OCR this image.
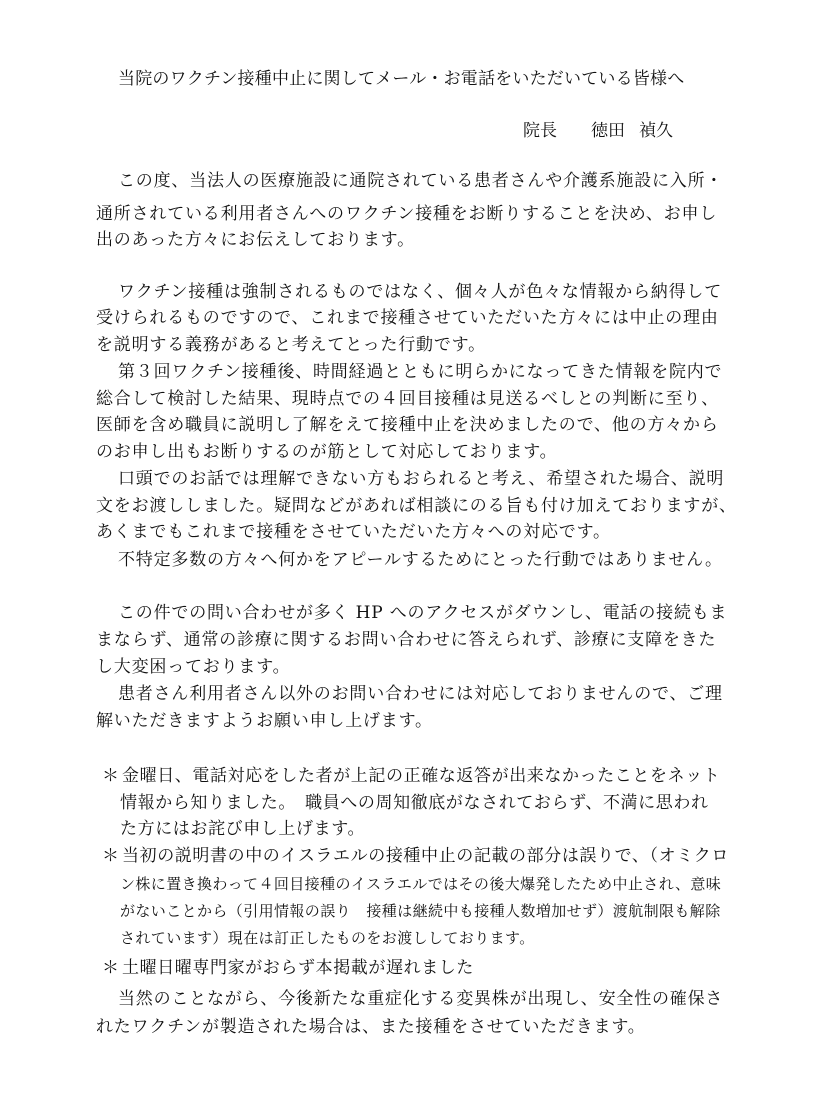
当院のワクチン接種中止に関してメール・お電話をいただいている皆様へ
院長 徳田 禎久
この度、当法人の医療施設に通院されている患者さんや介護系施設に入所・
通所されている利用者さんへのワクチン接種をお断りすることを決め、お申し
出のあった方々にお伝えしております。
ワクチン接種は強制されるものではなく、個々人が色々な情報から納得して
受けられるものですので、これまで接種させていただいた方々には中止の理由
を説明する義務があると考えてとった行動です。
第３回ワクチン接種後、時間経過とともに明らかになってきた情報を院内で
総合して検討した結果、現時点での４回目接種は見送るべしとの判断に至り、
医師を含め職員に説明し了解をえて接種中止を決めましたので、他の方々から
のお申し出もお断りするのが筋として対応しております。
口頭でのお話では理解できない方もおられると考え、希望された場合、説明
文をお渡ししました。疑問などがあれば相談にのる旨も付け加えておりますが、
あくまでもこれまで接種をさせていただいた方々への対応です。
不特定多数の方々へ何かをアピールするためにとった行動ではありません。
この件での問い合わせが多く HP へのアクセスがダウンし、電話の接続もま
まならず、通常の診療に関するお問い合わせに答えられず、診療に支障をきた
し大変困っております。
患者さん利用者さん以外のお問い合わせには対応しておりませんので、ご理
解いただきますようお願い申し上げます。
＊ 金曜日、電話対応をした者が上記の正確な返答が出来なかったことをネット
情報から知りました。　職員への周知徹底がなされておらず、不満に思われ
た方にはお詫び申し上げます。
＊ 当初の説明書の中のイスラエルの接種中止の記載の部分は誤りで、（オミクロ
ン株に置き換わって４回目接種のイスラエルではその後大爆発したため中止され、意味
がないことから（引用情報の誤り　接種は継続中も接種人数増加せず）渡航制限も解除
されています）現在は訂正したものをお渡ししております。
＊ 土曜日曜専門家がおらず本掲載が遅れました
当然のことながら、今後新たな重症化する変異株が出現し、安全性の確保さ
れたワクチンが製造された場合は、また接種をさせていただきます。
